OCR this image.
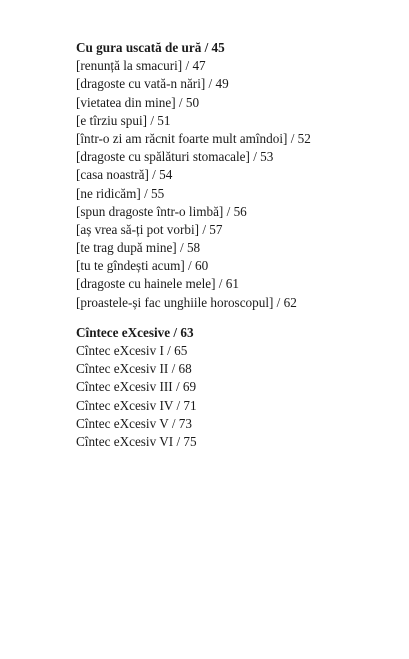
Cu gura uscată de ură / 45
[renunță la smacuri] / 47
[dragoste cu vată-n nări] / 49
[vietatea din mine] / 50
[e tîrziu spui] / 51
[într-o zi am răcnit foarte mult amîndoi] / 52
[dragoste cu spălături stomacale] / 53
[casa noastră] / 54
[ne ridicăm] / 55
[spun dragoste într-o limbă] / 56
[aș vrea să-ți pot vorbi] / 57
[te trag după mine] / 58
[tu te gîndești acum] / 60
[dragoste cu hainele mele] / 61
[proastele-și fac unghiile horoscopul] / 62
Cîntece eXcesive / 63
Cîntec eXcesiv I / 65
Cîntec eXcesiv II / 68
Cîntec eXcesiv III / 69
Cîntec eXcesiv IV / 71
Cîntec eXcesiv V / 73
Cîntec eXcesiv VI / 75
